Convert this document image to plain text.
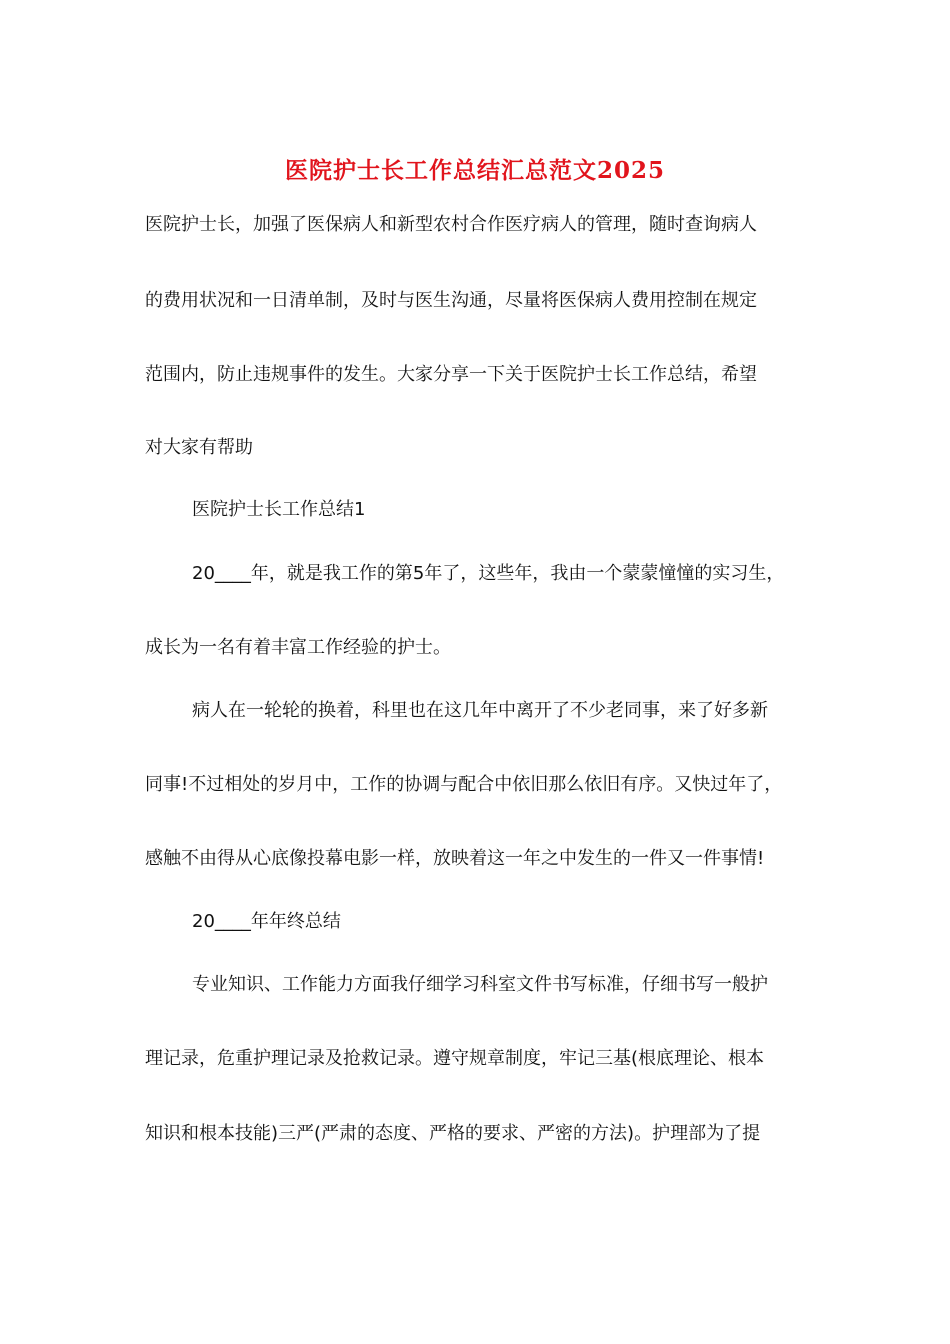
医院护士长工作总结汇总范文2025
医院护士长，加强了医保病人和新型农村合作医疗病人的管理，随时查询病人
的费用状况和一日清单制，及时与医生沟通，尽量将医保病人费用控制在规定
范围内，防止违规事件的发生。大家分享一下关于医院护士长工作总结，希望
对大家有帮助
医院护士长工作总结1
20____年，就是我工作的第5年了，这些年，我由一个蒙蒙憧憧的实习生，
成长为一名有着丰富工作经验的护士。
病人在一轮轮的换着，科里也在这几年中离开了不少老同事，来了好多新
同事!不过相处的岁月中，工作的协调与配合中依旧那么依旧有序。又快过年了，
感触不由得从心底像投幕电影一样，放映着这一年之中发生的一件又一件事情!
20____年年终总结
专业知识、工作能力方面我仔细学习科室文件书写标准，仔细书写一般护
理记录，危重护理记录及抢救记录。遵守规章制度，牢记三基(根底理论、根本
知识和根本技能)三严(严肃的态度、严格的要求、严密的方法)。护理部为了提
